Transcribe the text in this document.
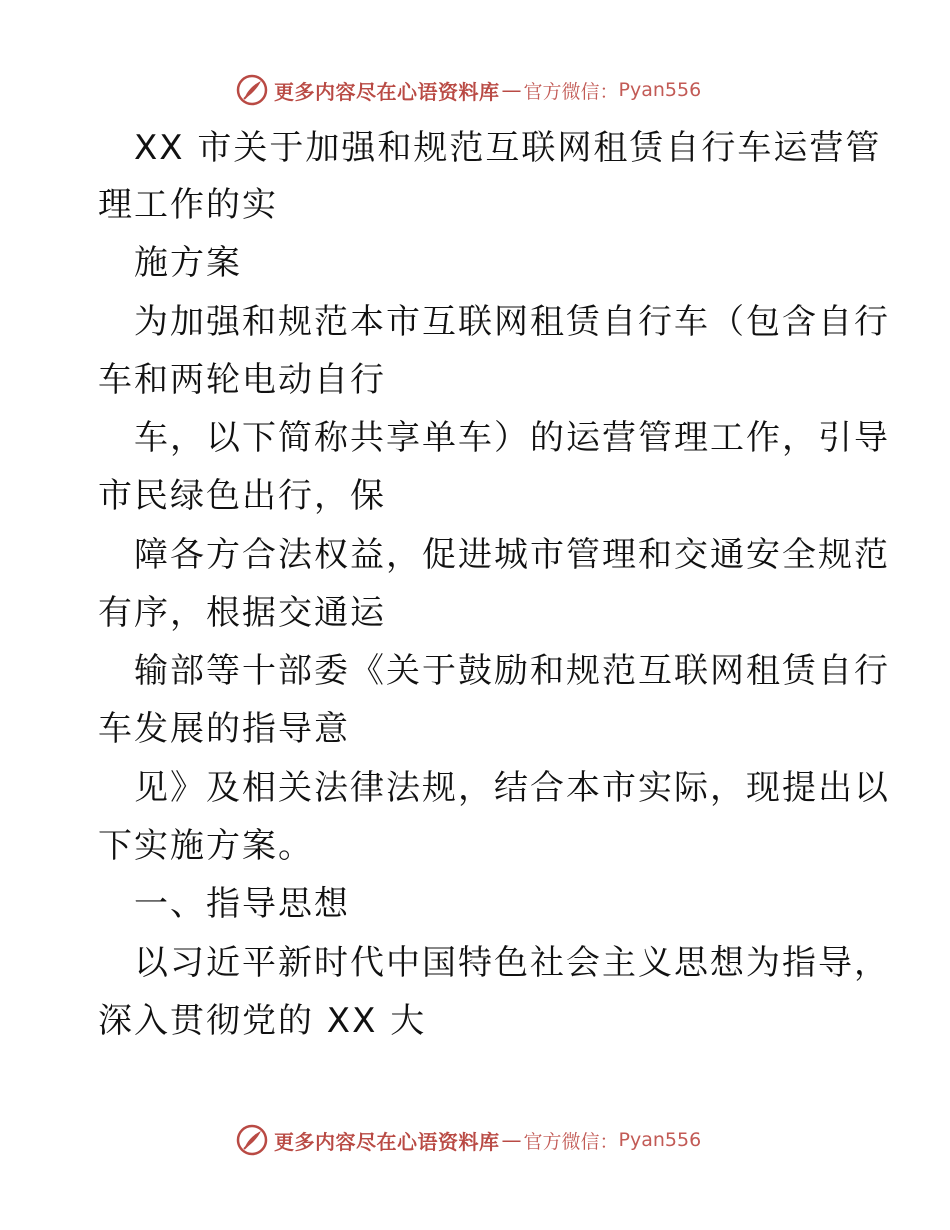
更多内容尽在心语资料库 — 官方微信： Pyan556
XX 市关于加强和规范互联网租赁自行车运营管
理工作的实
施方案
为加强和规范本市互联网租赁自行车（包含自行
车和两轮电动自行
车，以下简称共享单车）的运营管理工作，引导
市民绿色出行，保
障各方合法权益，促进城市管理和交通安全规范
有序，根据交通运
输部等十部委《关于鼓励和规范互联网租赁自行
车发展的指导意
见》及相关法律法规，结合本市实际，现提出以
下实施方案。
一、指导思想
以习近平新时代中国特色社会主义思想为指导，
深入贯彻党的 XX 大
更多内容尽在心语资料库 — 官方微信： Pyan556
